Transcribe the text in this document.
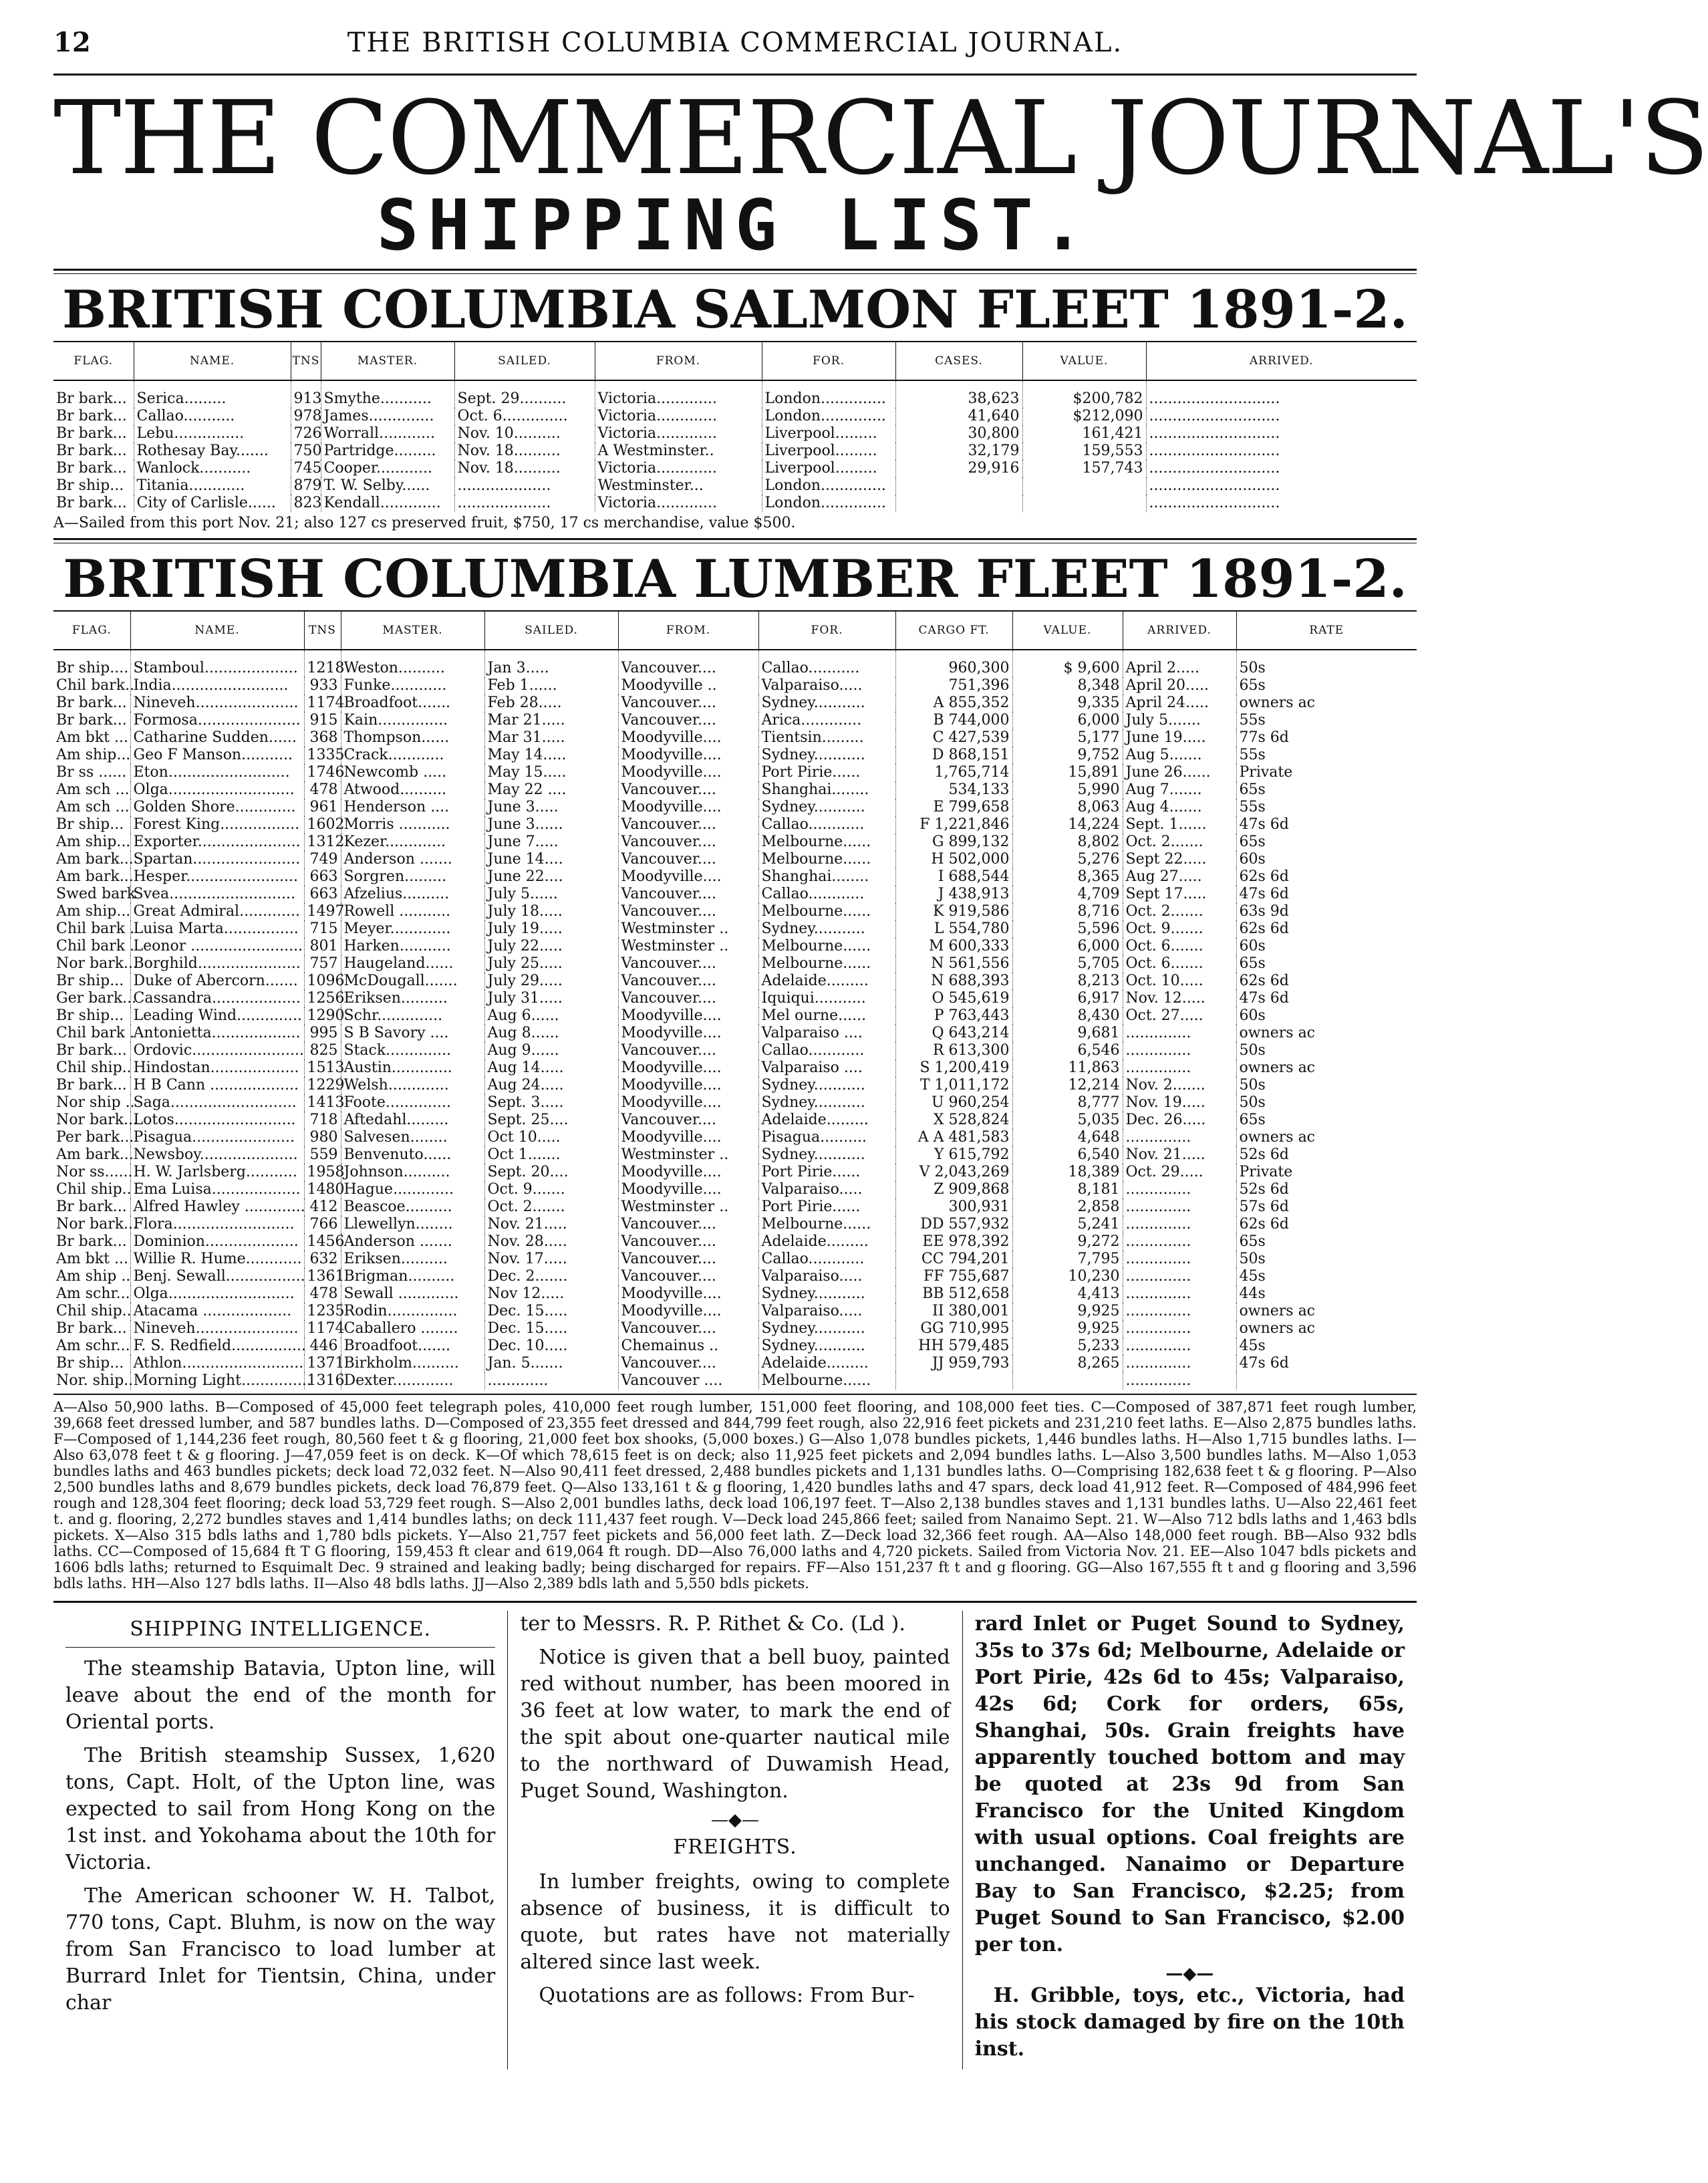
12	THE BRITISH COLUMBIA COMMERCIAL JOURNAL.
THE COMMERCIAL JOURNAL'S
SHIPPING LIST.
BRITISH COLUMBIA SALMON FLEET 1891-2.
FLAG.	NAME.	TNS	MASTER.	SAILED.	FROM.	FOR.	CASES.	VALUE.	ARRIVED.
Br bark...	Serica.........	913	Smythe...........	Sept. 29..........	Victoria.............	London..............	38,623	$200,782	............................
Br bark...	Callao...........	978	James..............	Oct. 6..............	Victoria.............	London..............	41,640	$212,090	............................
Br bark...	Lebu...............	726	Worrall............	Nov. 10..........	Victoria.............	Liverpool.........	30,800	161,421	............................
Br bark...	Rothesay Bay.......	750	Partridge.........	Nov. 18..........	A Westminster..	Liverpool.........	32,179	159,553	............................
Br bark...	Wanlock...........	745	Cooper............	Nov. 18..........	Victoria.............	Liverpool.........	29,916	157,743	............................
Br ship...	Titania............	879	T. W. Selby......	....................	Westminster...	London..............			............................
Br bark...	City of Carlisle......	823	Kendall.............	....................	Victoria.............	London..............			............................
A—Sailed from this port Nov. 21; also 127 cs preserved fruit, $750, 17 cs merchandise, value $500.
BRITISH COLUMBIA LUMBER FLEET 1891-2.
FLAG.	NAME.	TNS	MASTER.	SAILED.	FROM.	FOR.	CARGO FT.	VALUE.	ARRIVED.	RATE
Br ship....	Stamboul....................	1218	Weston..........	Jan 3.....	Vancouver....	Callao...........	960,300	$ 9,600	April 2.....	50s
Chil bark..	India.........................	933	Funke............	Feb 1......	Moodyville ..	Valparaiso.....	751,396	8,348	April 20.....	65s
Br bark...	Nineveh......................	1174	Broadfoot.......	Feb 28.....	Vancouver....	Sydney...........	A 855,352	9,335	April 24.....	owners ac
Br bark...	Formosa......................	915	Kain...............	Mar 21.....	Vancouver....	Arica.............	B 744,000	6,000	July 5.......	55s
Am bkt ...	Catharine Sudden......	368	Thompson......	Mar 31.....	Moodyville....	Tientsin.........	C 427,539	5,177	June 19.....	77s 6d
Am ship...	Geo F Manson...........	1335	Crack............	May 14.....	Moodyville....	Sydney...........	D 868,151	9,752	Aug 5.......	55s
Br ss ......	Eton..........................	1746	Newcomb .....	May 15.....	Moodyville....	Port Pirie......	1,765,714	15,891	June 26......	Private
Am sch ...	Olga...........................	478	Atwood..........	May 22 ....	Vancouver....	Shanghai........	534,133	5,990	Aug 7.......	65s
Am sch ...	Golden Shore.............	961	Henderson ....	June 3.....	Moodyville....	Sydney...........	E 799,658	8,063	Aug 4.......	55s
Br ship...	Forest King.................	1602	Morris ...........	June 3......	Vancouver....	Callao............	F 1,221,846	14,224	Sept. 1......	47s 6d
Am ship...	Exporter......................	1312	Kezer.............	June 7.....	Vancouver....	Melbourne......	G 899,132	8,802	Oct. 2.......	65s
Am bark...	Spartan.......................	749	Anderson .......	June 14....	Vancouver....	Melbourne......	H 502,000	5,276	Sept 22.....	60s
Am bark...	Hesper........................	663	Sorgren.........	June 22....	Moodyville....	Shanghai........	I 688,544	8,365	Aug 27.....	62s 6d
Swed bark	Svea...........................	663	Afzelius..........	July 5......	Vancouver....	Callao............	J 438,913	4,709	Sept 17.....	47s 6d
Am ship...	Great Admiral.............	1497	Rowell ...........	July 18.....	Vancouver....	Melbourne......	K 919,586	8,716	Oct. 2.......	63s 9d
Chil bark .	Luisa Marta................	715	Meyer.............	July 19.....	Westminster ..	Sydney...........	L 554,780	5,596	Oct. 9.......	62s 6d
Chil bark .	Leonor ........................	801	Harken...........	July 22.....	Westminster ..	Melbourne......	M 600,333	6,000	Oct. 6.......	60s
Nor bark...	Borghild......................	757	Haugeland......	July 25.....	Vancouver....	Melbourne......	N 561,556	5,705	Oct. 6.......	65s
Br ship...	Duke of Abercorn.......	1096	McDougall.......	July 29.....	Vancouver....	Adelaide.........	N 688,393	8,213	Oct. 10.....	62s 6d
Ger bark...	Cassandra...................	1256	Eriksen..........	July 31.....	Vancouver....	Iquiqui...........	O 545,619	6,917	Nov. 12.....	47s 6d
Br ship...	Leading Wind..............	1290	Schr..............	Aug 6......	Moodyville....	Mel ourne......	P 763,443	8,430	Oct. 27.....	60s
Chil bark .	Antonietta...................	995	S B Savory ....	Aug 8......	Moodyville....	Valparaiso ....	Q 643,214	9,681	..............	owners ac
Br bark...	Ordovic........................	825	Stack..............	Aug 9......	Vancouver....	Callao............	R 613,300	6,546	..............	50s
Chil ship..	Hindostan...................	1513	Austin.............	Aug 14.....	Moodyville....	Valparaiso ....	S 1,200,419	11,863	..............	owners ac
Br bark...	H B Cann ...................	1229	Welsh.............	Aug 24.....	Moodyville....	Sydney...........	T 1,011,172	12,214	Nov. 2.......	50s
Nor ship ..	Saga...........................	1413	Foote..............	Sept. 3.....	Moodyville....	Sydney...........	U 960,254	8,777	Nov. 19.....	50s
Nor bark...	Lotos..........................	718	Aftedahl.........	Sept. 25....	Vancouver....	Adelaide.........	X 528,824	5,035	Dec. 26.....	65s
Per bark...	Pisagua......................	980	Salvesen........	Oct 10.....	Moodyville....	Pisagua..........	A A 481,583	4,648	..............	owners ac
Am bark...	Newsboy.....................	559	Benvenuto......	Oct 1.......	Westminster ..	Sydney...........	Y 615,792	6,540	Nov. 21.....	52s 6d
Nor ss......	H. W. Jarlsberg...........	1958	Johnson..........	Sept. 20....	Moodyville....	Port Pirie......	V 2,043,269	18,389	Oct. 29.....	Private
Chil ship..	Ema Luisa...................	1480	Hague.............	Oct. 9.......	Moodyville....	Valparaiso.....	Z 909,868	8,181	..............	52s 6d
Br bark...	Alfred Hawley .............	412	Beascoe..........	Oct. 2.......	Westminster ..	Port Pirie......	300,931	2,858	..............	57s 6d
Nor bark...	Flora..........................	766	Llewellyn........	Nov. 21.....	Vancouver....	Melbourne......	DD 557,932	5,241	..............	62s 6d
Br bark...	Dominion....................	1456	Anderson .......	Nov. 28.....	Vancouver....	Adelaide.........	EE 978,392	9,272	..............	65s
Am bkt ...	Willie R. Hume............	632	Eriksen..........	Nov. 17.....	Vancouver....	Callao............	CC 794,201	7,795	..............	50s
Am ship ..	Benj. Sewall.................	1361	Brigman..........	Dec. 2.......	Vancouver....	Valparaiso.....	FF 755,687	10,230	..............	45s
Am schr...	Olga...........................	478	Sewall .............	Nov 12.....	Moodyville....	Sydney...........	BB 512,658	4,413	..............	44s
Chil ship..	Atacama ...................	1235	Rodin...............	Dec. 15.....	Moodyville....	Valparaiso.....	II 380,001	9,925	..............	owners ac
Br bark...	Nineveh......................	1174	Caballero ........	Dec. 15.....	Vancouver....	Sydney...........	GG 710,995	9,925	..............	owners ac
Am schr...	F. S. Redfield................	446	Broadfoot.......	Dec. 10.....	Chemainus ..	Sydney...........	HH 579,485	5,233	..............	45s
Br ship...	Athlon..........................	1371	Birkholm..........	Jan. 5.......	Vancouver....	Adelaide.........	JJ 959,793	8,265	..............	47s 6d
Nor. ship..	Morning Light...............	1316	Dexter.............	.............	Vancouver ....	Melbourne......			..............	
A—Also 50,900 laths. B—Composed of 45,000 feet telegraph poles, 410,000 feet rough lumber, 151,000 feet flooring, and 108,000 feet ties. C—Composed of 387,871 feet rough lumber, 39,668 feet dressed lumber, and 587 bundles laths. D—Composed of 23,355 feet dressed and 844,799 feet rough, also 22,916 feet pickets and 231,210 feet laths. E—Also 2,875 bundles laths. F—Composed of 1,144,236 feet rough, 80,560 feet t & g flooring, 21,000 feet box shooks, (5,000 boxes.) G—Also 1,078 bundles pickets, 1,446 bundles laths. H—Also 1,715 bundles laths. I—Also 63,078 feet t & g flooring. J—47,059 feet is on deck. K—Of which 78,615 feet is on deck; also 11,925 feet pickets and 2,094 bundles laths. L—Also 3,500 bundles laths. M—Also 1,053 bundles laths and 463 bundles pickets; deck load 72,032 feet. N—Also 90,411 feet dressed, 2,488 bundles pickets and 1,131 bundles laths. O—Comprising 182,638 feet t & g flooring. P—Also 2,500 bundles laths and 8,679 bundles pickets, deck load 76,879 feet. Q—Also 133,161 t & g flooring, 1,420 bundles laths and 47 spars, deck load 41,912 feet. R—Composed of 484,996 feet rough and 128,304 feet flooring; deck load 53,729 feet rough. S—Also 2,001 bundles laths, deck load 106,197 feet. T—Also 2,138 bundles staves and 1,131 bundles laths. U—Also 22,461 feet t. and g. flooring, 2,272 bundles staves and 1,414 bundles laths; on deck 111,437 feet rough. V—Deck load 245,866 feet; sailed from Nanaimo Sept. 21. W—Also 712 bdls laths and 1,463 bdls pickets. X—Also 315 bdls laths and 1,780 bdls pickets. Y—Also 21,757 feet pickets and 56,000 feet lath. Z—Deck load 32,366 feet rough. AA—Also 148,000 feet rough. BB—Also 932 bdls laths. CC—Composed of 15,684 ft T G flooring, 159,453 ft clear and 619,064 ft rough. DD—Also 76,000 laths and 4,720 pickets. Sailed from Victoria Nov. 21. EE—Also 1047 bdls pickets and 1606 bdls laths; returned to Esquimalt Dec. 9 strained and leaking badly; being discharged for repairs. FF—Also 151,237 ft t and g flooring. GG—Also 167,555 ft t and g flooring and 3,596 bdls laths. HH—Also 127 bdls laths. II—Also 48 bdls laths. JJ—Also 2,389 bdls lath and 5,550 bdls pickets.
SHIPPING INTELLIGENCE.

The steamship Batavia, Upton line, will leave about the end of the month for Oriental ports.

The British steamship Sussex, 1,620 tons, Capt. Holt, of the Upton line, was expected to sail from Hong Kong on the 1st inst. and Yokohama about the 10th for Victoria.

The American schooner W. H. Talbot, 770 tons, Capt. Bluhm, is now on the way from San Francisco to load lumber at Burrard Inlet for Tientsin, China, under char

ter to Messrs. R. P. Rithet & Co. (Ld ).

Notice is given that a bell buoy, painted red without number, has been moored in 36 feet at low water, to mark the end of the spit about one-quarter nautical mile to the northward of Duwamish Head, Puget Sound, Washington.

—◆—
FREIGHTS.

In lumber freights, owing to complete absence of business, it is difficult to quote, but rates have not materially altered since last week.

Quotations are as follows: From Bur-

rard Inlet or Puget Sound to Sydney, 35s to 37s 6d; Melbourne, Adelaide or Port Pirie, 42s 6d to 45s; Valparaiso, 42s 6d; Cork for orders, 65s, Shanghai, 50s. Grain freights have apparently touched bottom and may be quoted at 23s 9d from San Francisco for the United Kingdom with usual options. Coal freights are unchanged. Nanaimo or Departure Bay to San Francisco, $2.25; from Puget Sound to San Francisco, $2.00 per ton.

—◆—

H. Gribble, toys, etc., Victoria, had his stock damaged by fire on the 10th inst.
